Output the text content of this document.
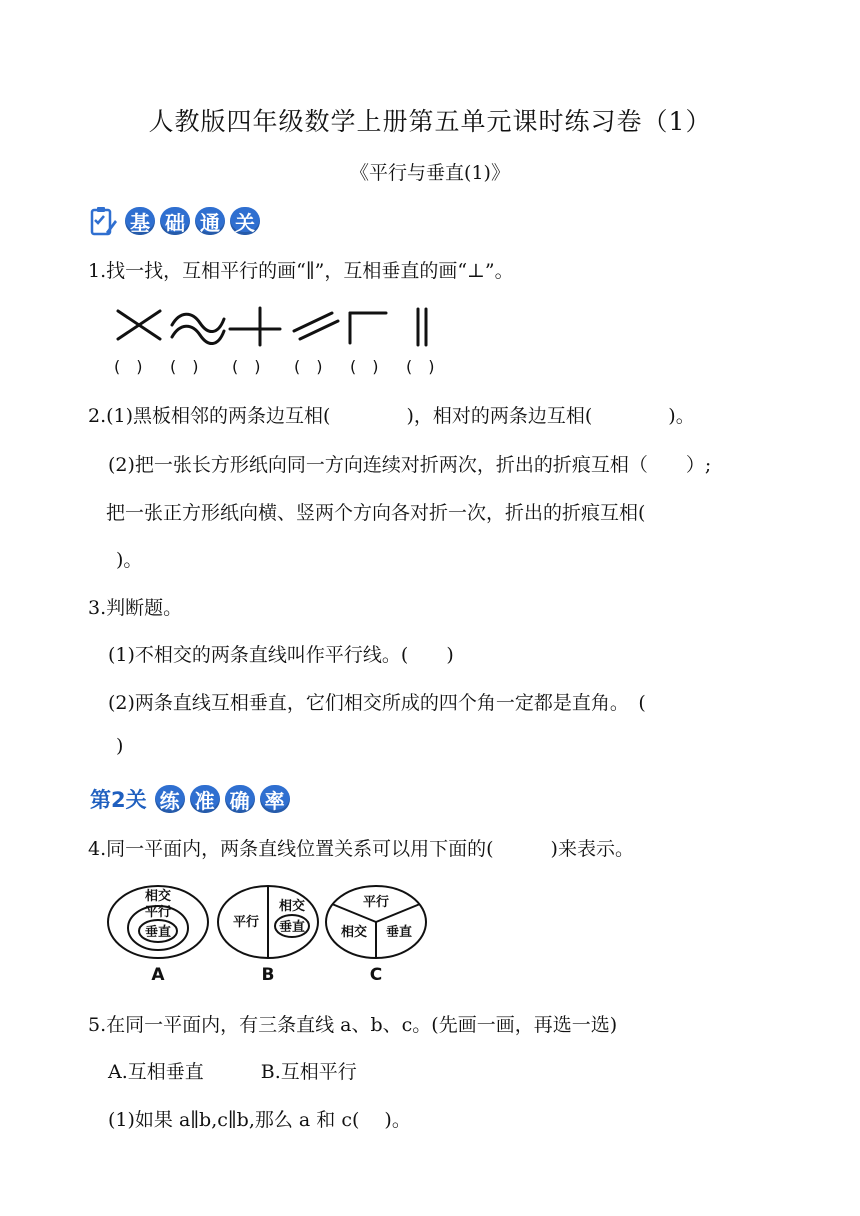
人教版四年级数学上册第五单元课时练习卷（1）
《平行与垂直(1)》
基 础 通 关
1.找一找，互相平行的画“∥”，互相垂直的画“⊥”。
(　)	(　)	(　)	(　)	(　)	(　)
2.(1)黑板相邻的两条边互相(　　　　)，相对的两条边互相(　　　　)。
(2)把一张长方形纸向同一方向连续对折两次，折出的折痕互相（　　）;
把一张正方形纸向横、竖两个方向各对折一次，折出的折痕互相(
)。
3.判断题。
(1)不相交的两条直线叫作平行线。(　　)
(2)两条直线互相垂直，它们相交所成的四个角一定都是直角。　(
)
第2关 练 准 确 率
4.同一平面内，两条直线位置关系可以用下面的(　　　)来表示。
相交
平行
垂直
平行
相交
垂直
平行
相交 垂直
A	B	C
5.在同一平面内，有三条直线 a、b、c。(先画一画，再选一选)
A.互相垂直　　　B.互相平行
(1)如果 a∥b,c∥b,那么 a 和 c(　 )。
